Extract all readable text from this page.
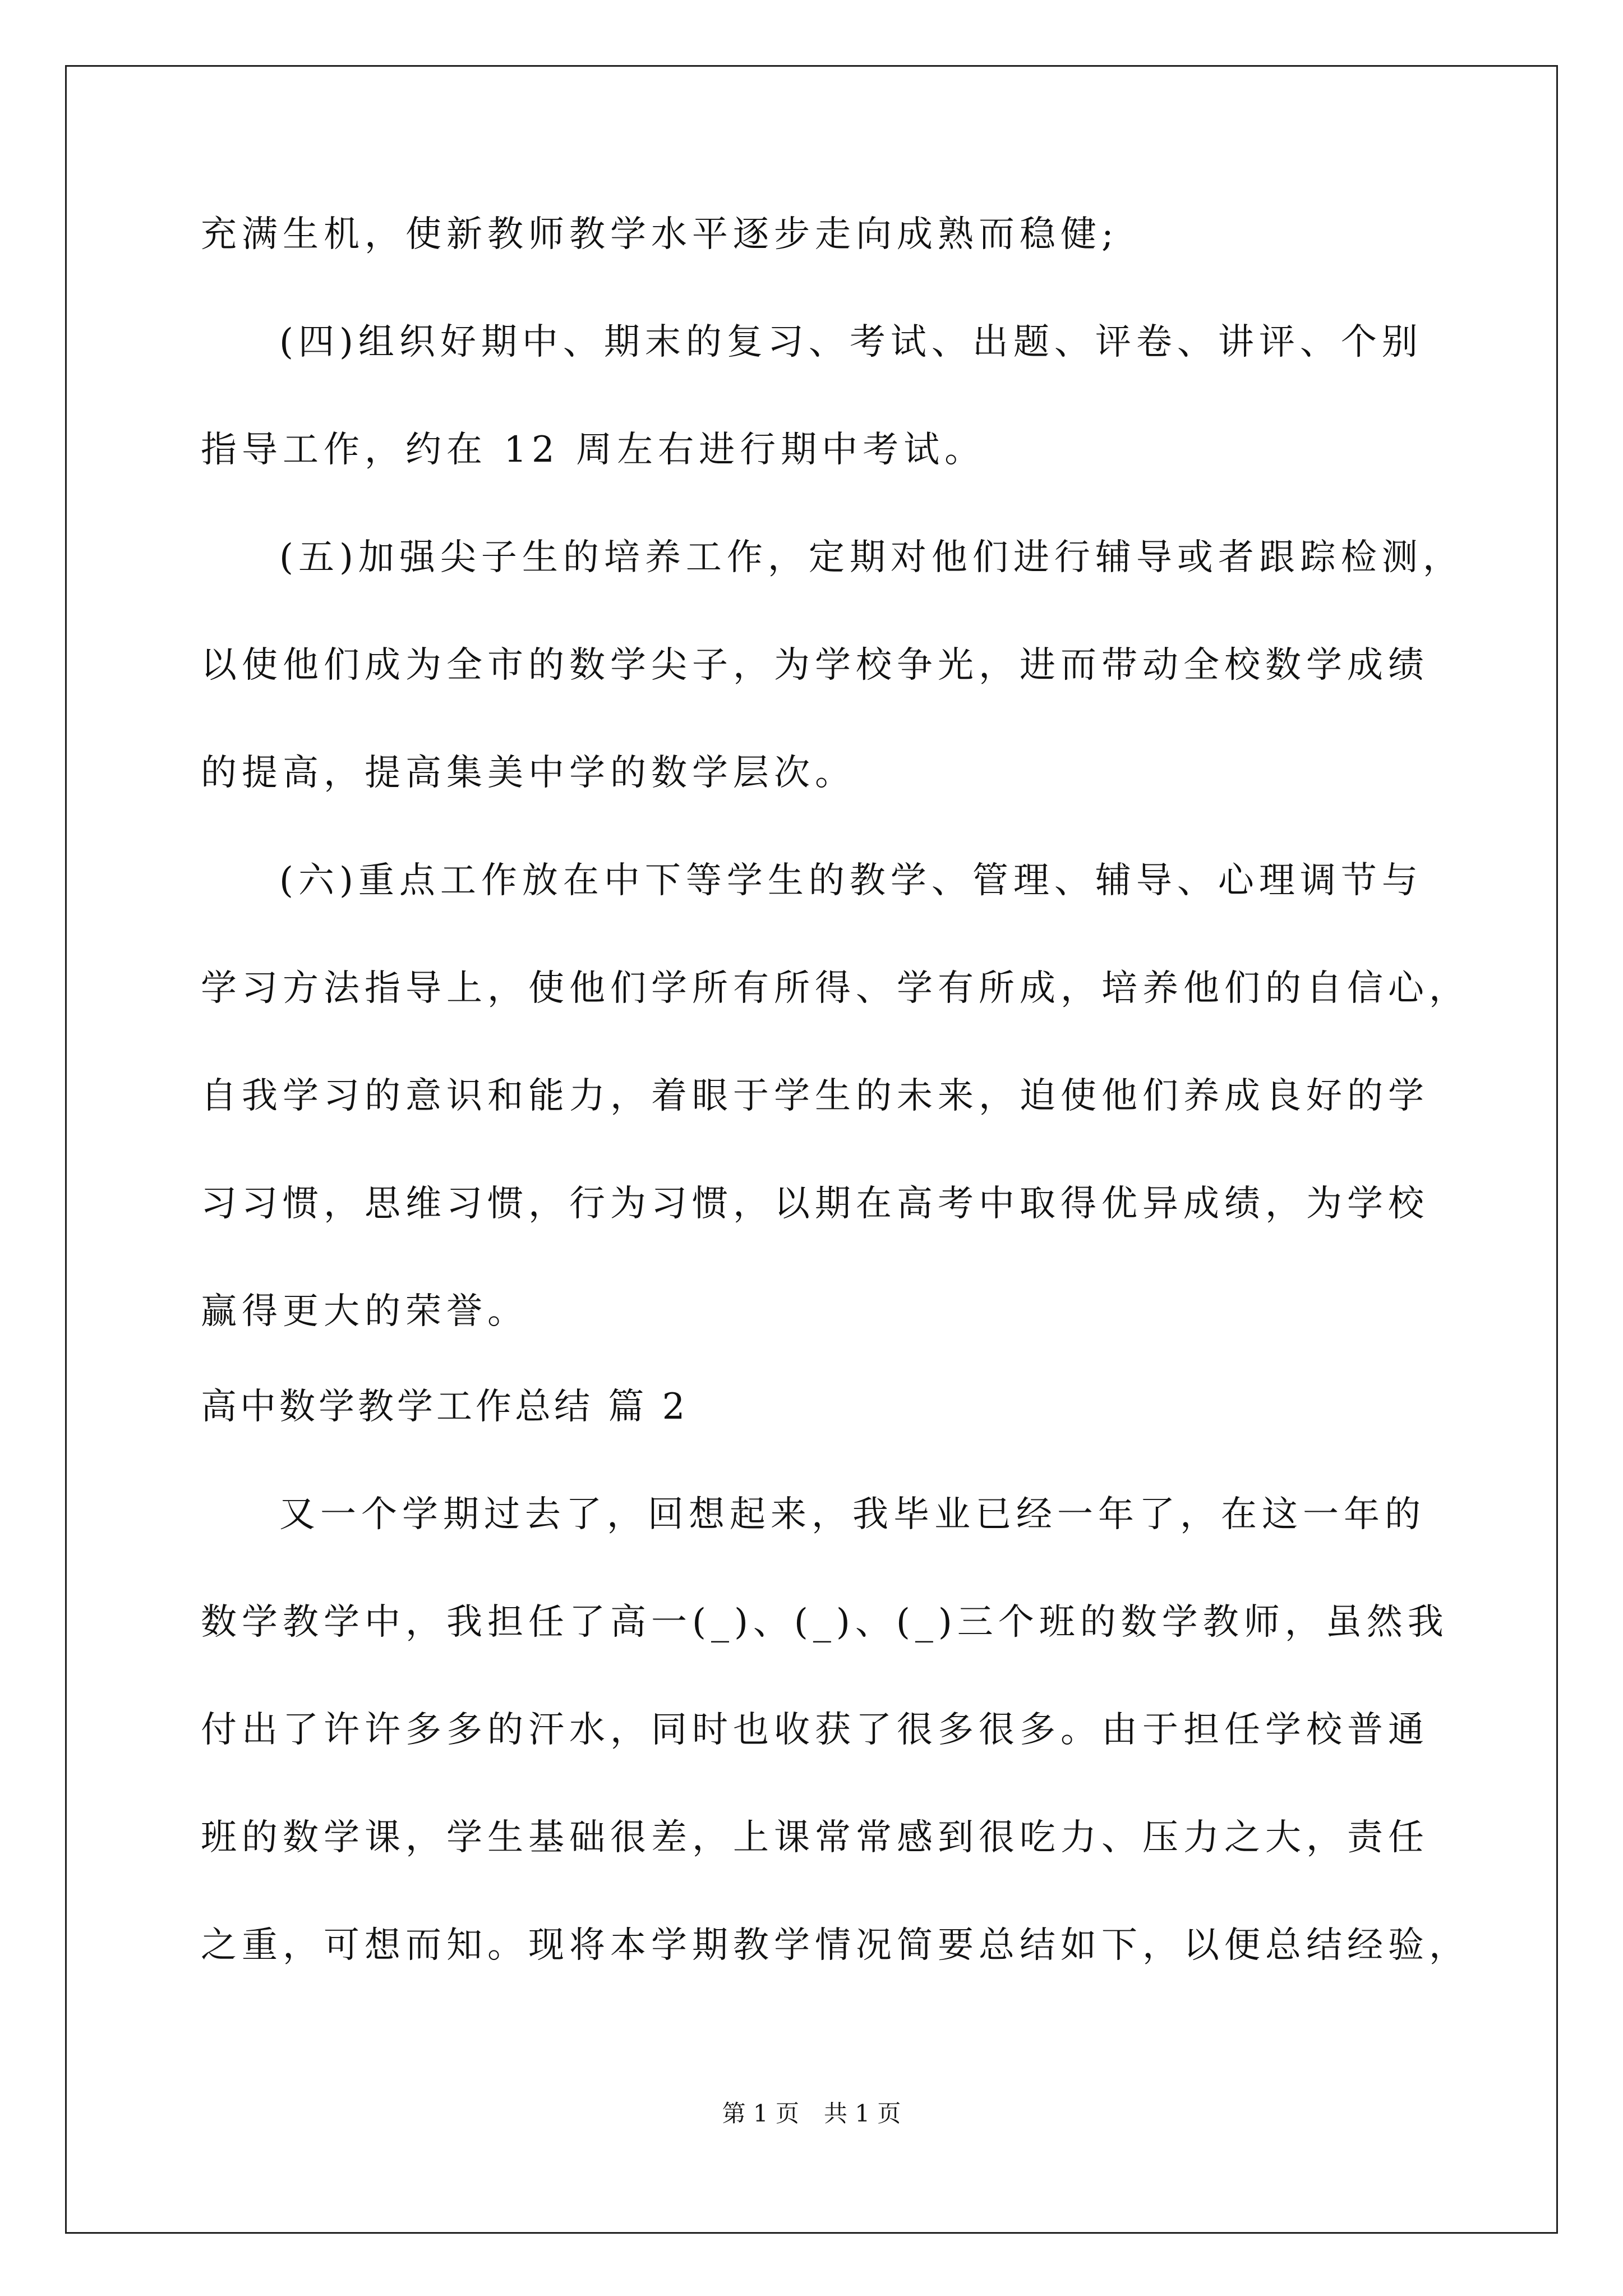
充满生机，使新教师教学水平逐步走向成熟而稳健;
(四)组织好期中、期末的复习、考试、出题、评卷、讲评、个别
指导工作，约在 12 周左右进行期中考试。
(五)加强尖子生的培养工作，定期对他们进行辅导或者跟踪检测，
以使他们成为全市的数学尖子，为学校争光，进而带动全校数学成绩
的提高，提高集美中学的数学层次。
(六)重点工作放在中下等学生的教学、管理、辅导、心理调节与
学习方法指导上，使他们学所有所得、学有所成，培养他们的自信心，
自我学习的意识和能力，着眼于学生的未来，迫使他们养成良好的学
习习惯，思维习惯，行为习惯，以期在高考中取得优异成绩，为学校
赢得更大的荣誉。
高中数学教学工作总结 篇 2
又一个学期过去了，回想起来，我毕业已经一年了，在这一年的
数学教学中，我担任了高一(_)、(_)、(_)三个班的数学教师，虽然我
付出了许许多多的汗水，同时也收获了很多很多。由于担任学校普通
班的数学课，学生基础很差，上课常常感到很吃力、压力之大，责任
之重，可想而知。现将本学期教学情况简要总结如下，以便总结经验，
第 1 页 共 1 页
